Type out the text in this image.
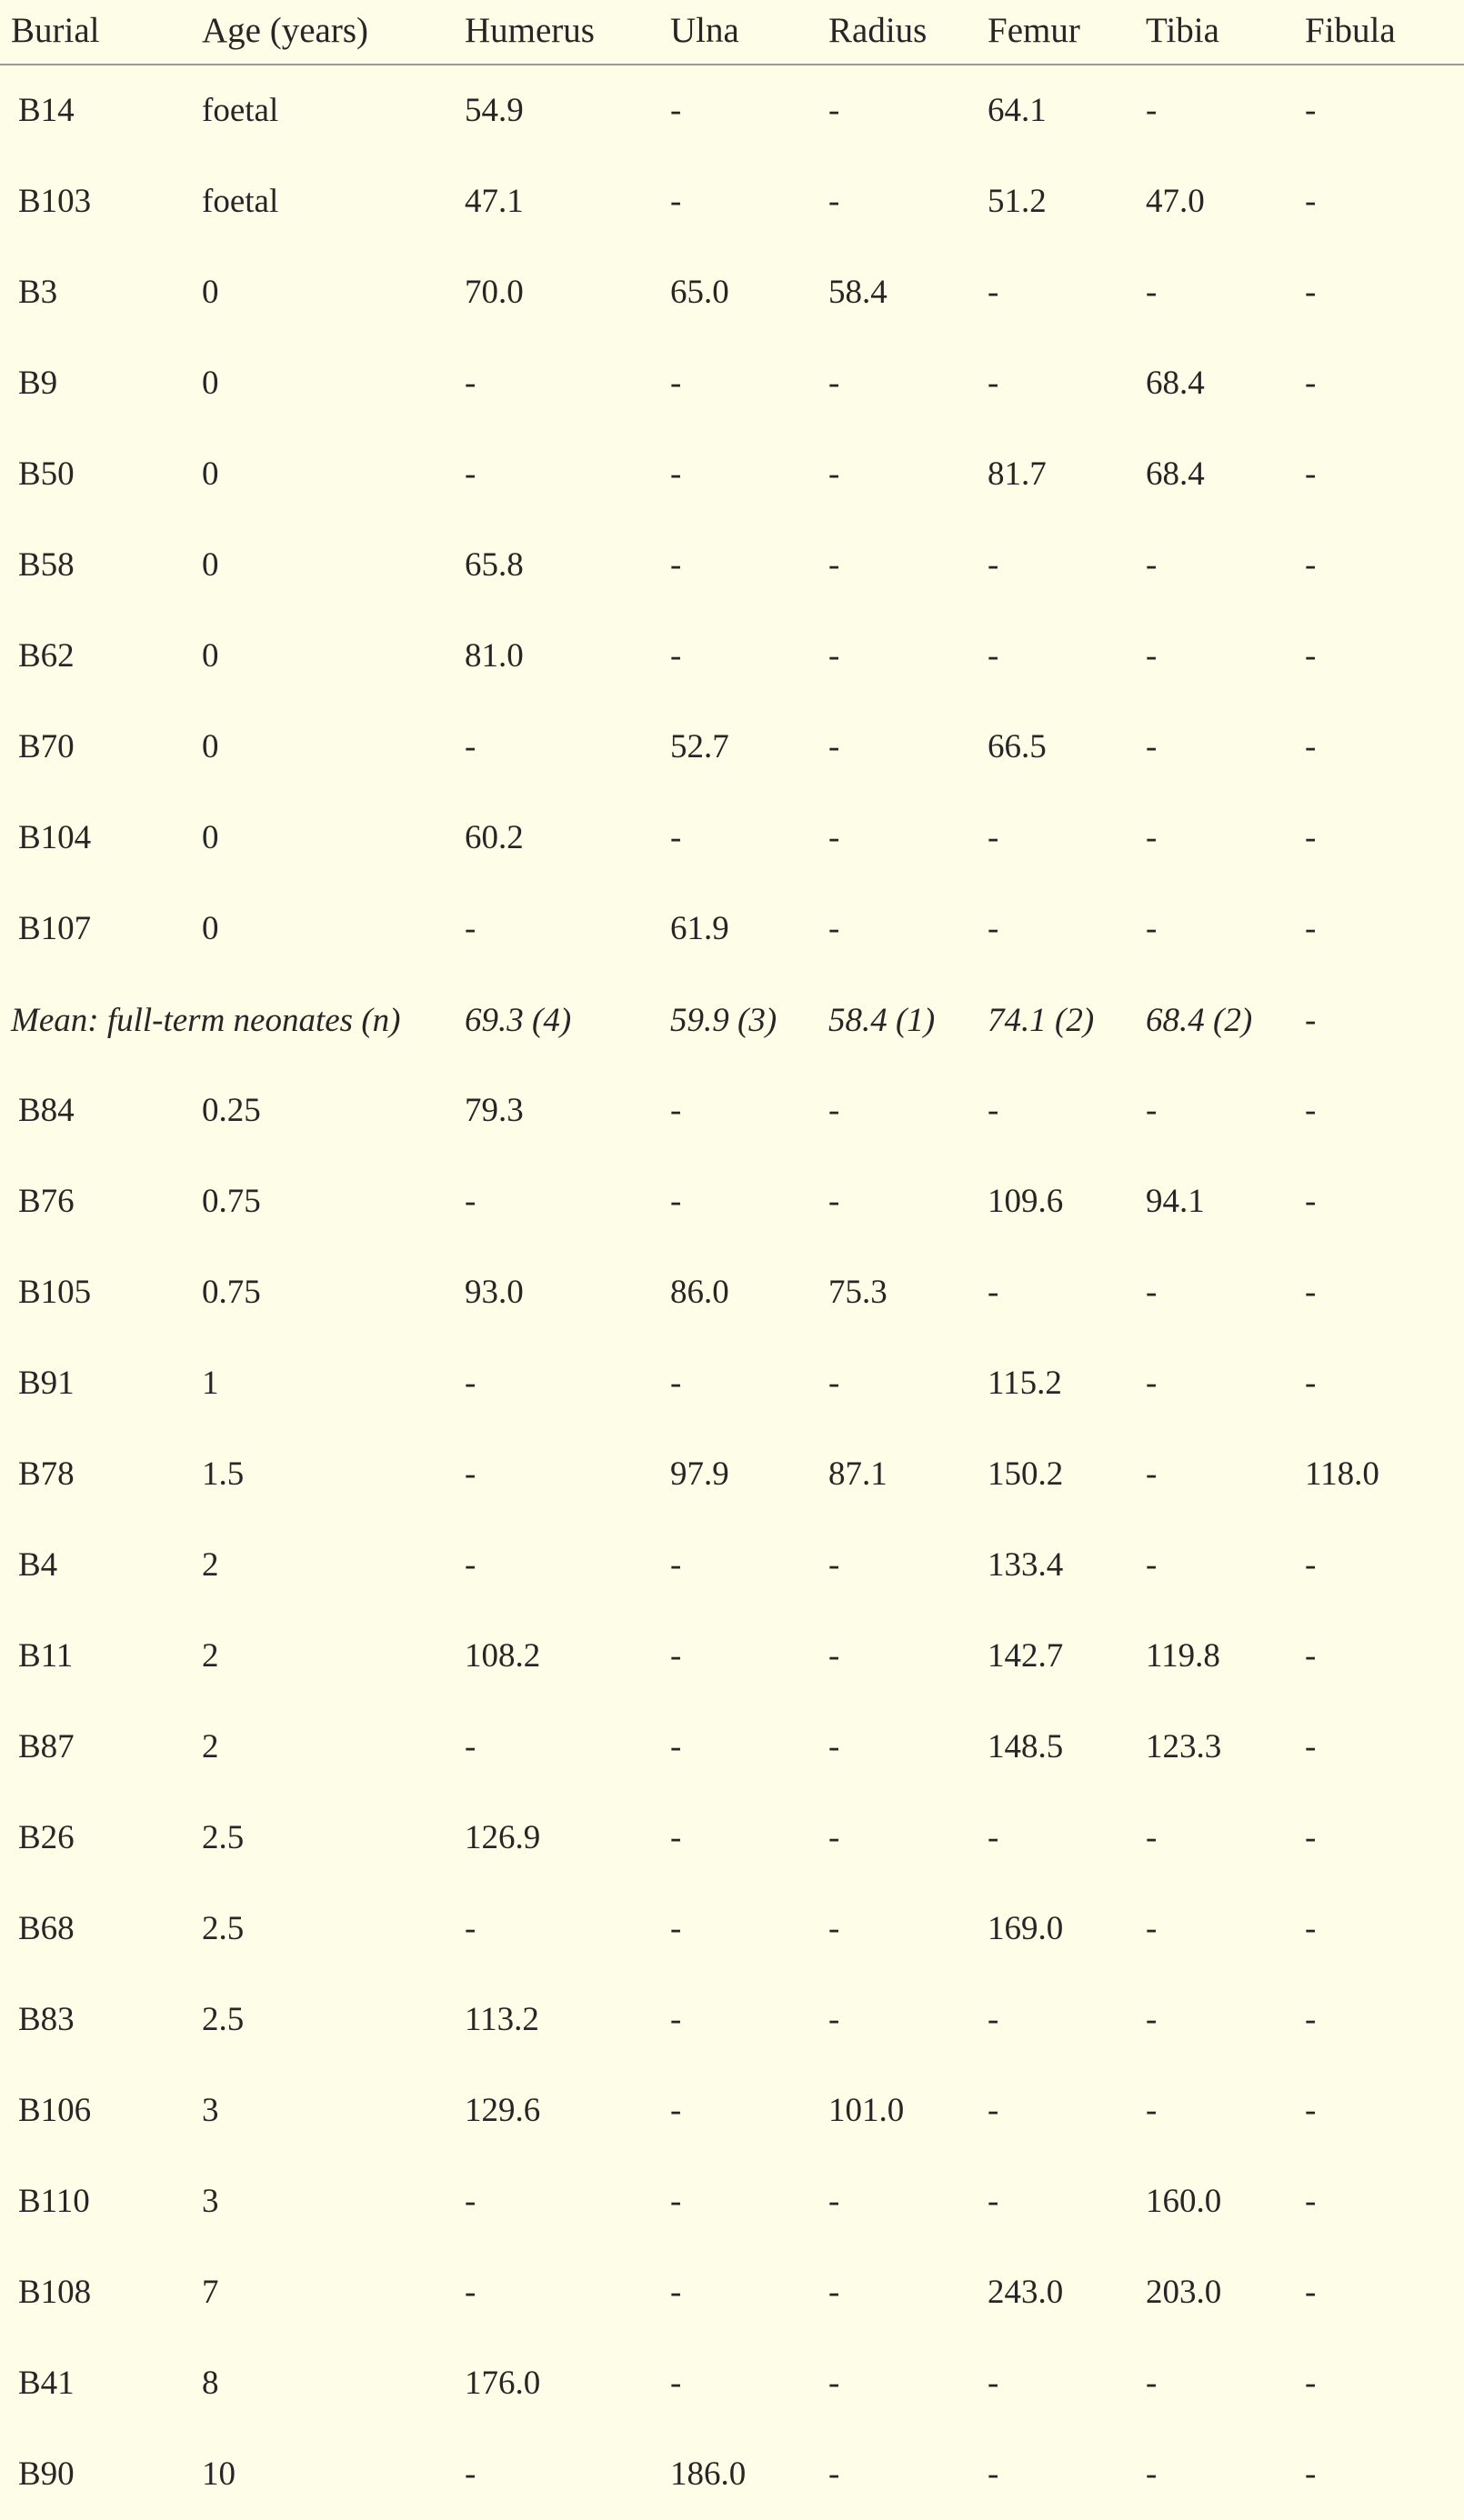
Burial	Age (years)	Humerus	Ulna	Radius	Femur	Tibia	Fibula
B14	foetal	54.9	-	-	64.1	-	-
B103	foetal	47.1	-	-	51.2	47.0	-
B3	0	70.0	65.0	58.4	-	-	-
B9	0	-	-	-	-	68.4	-
B50	0	-	-	-	81.7	68.4	-
B58	0	65.8	-	-	-	-	-
B62	0	81.0	-	-	-	-	-
B70	0	-	52.7	-	66.5	-	-
B104	0	60.2	-	-	-	-	-
B107	0	-	61.9	-	-	-	-
Mean: full-term neonates (n)	69.3 (4)	59.9 (3)	58.4 (1)	74.1 (2)	68.4 (2)	-
B84	0.25	79.3	-	-	-	-	-
B76	0.75	-	-	-	109.6	94.1	-
B105	0.75	93.0	86.0	75.3	-	-	-
B91	1	-	-	-	115.2	-	-
B78	1.5	-	97.9	87.1	150.2	-	118.0
B4	2	-	-	-	133.4	-	-
B11	2	108.2	-	-	142.7	119.8	-
B87	2	-	-	-	148.5	123.3	-
B26	2.5	126.9	-	-	-	-	-
B68	2.5	-	-	-	169.0	-	-
B83	2.5	113.2	-	-	-	-	-
B106	3	129.6	-	101.0	-	-	-
B110	3	-	-	-	-	160.0	-
B108	7	-	-	-	243.0	203.0	-
B41	8	176.0	-	-	-	-	-
B90	10	-	186.0	-	-	-	-
